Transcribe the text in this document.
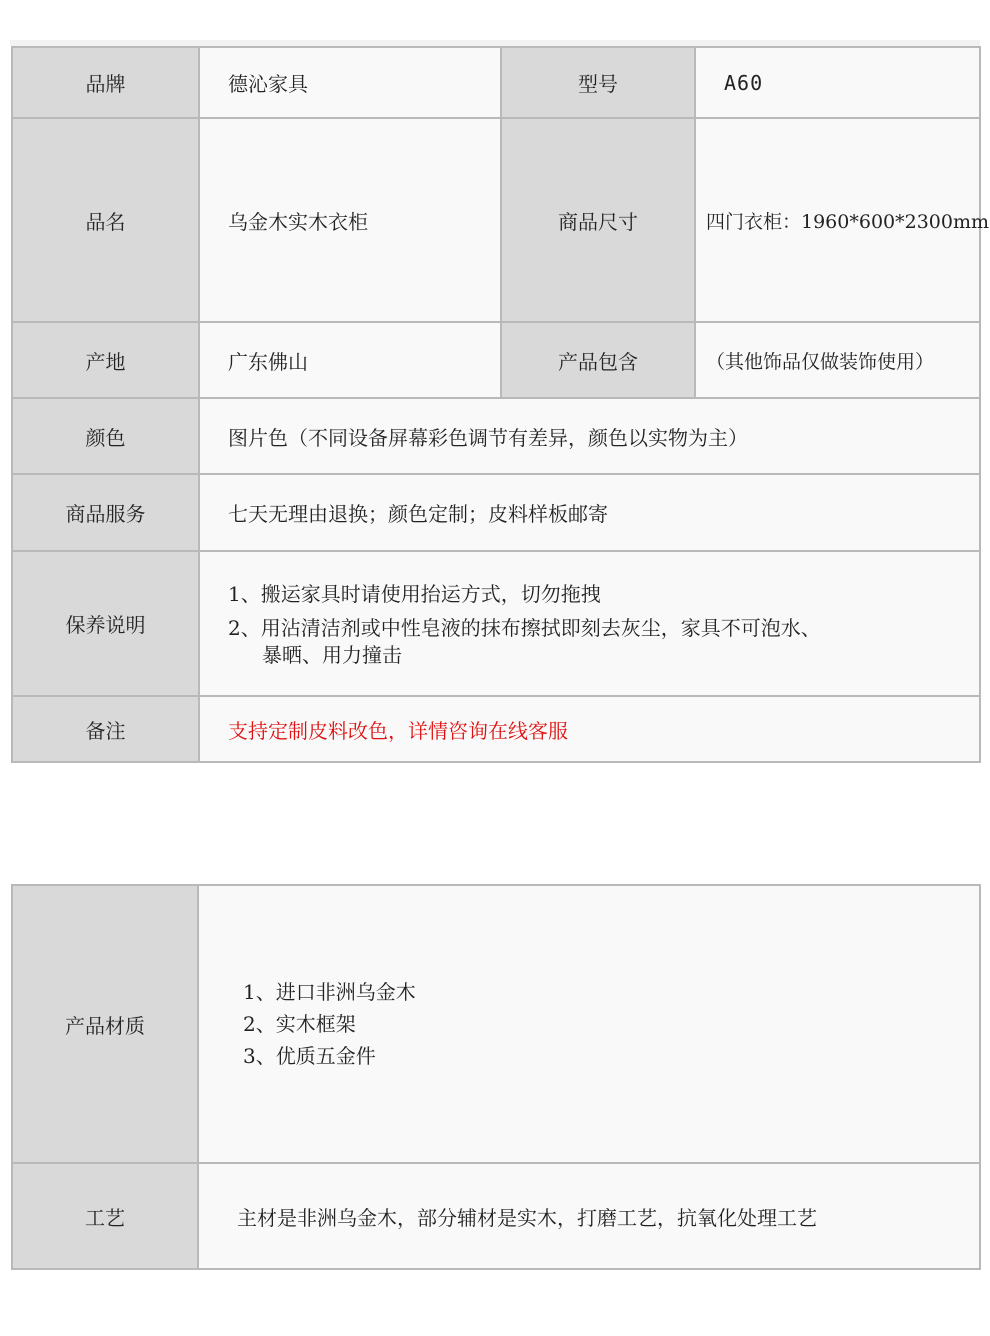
品牌	德沁家具	型号	A60
品名	乌金木实木衣柜	商品尺寸	四门衣柜：1960*600*2300mm
产地	广东佛山	产品包含	（其他饰品仅做装饰使用）
颜色	图片色（不同设备屏幕彩色调节有差异，颜色以实物为主）		
商品服务	七天无理由退换；颜色定制；皮料样板邮寄		
保养说明	1、搬运家具时请使用抬运方式，切勿拖拽
2、用沾清洁剂或中性皂液的抹布擦拭即刻去灰尘，家具不可泡水、
暴晒、用力撞击		

备注	支持定制皮料改色，详情咨询在线客服		
产品材质	1、进口非洲乌金木
2、实木框架
3、优质五金件

工艺	主材是非洲乌金木，部分辅材是实木，打磨工艺，抗氧化处理工艺
